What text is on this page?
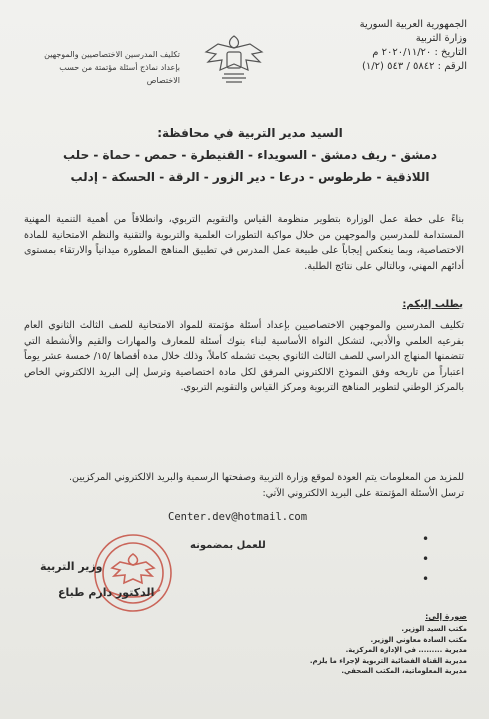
الجمهورية العربية السورية
وزارة التربية
التاريخ : ٢٠٢٠/١١/٢٠ م
الرقم : ٥٨٤٢ / ٥٤٣ (١/٢)
تكليف المدرسين الاختصاصيين والموجهين
بإعداد نماذج أسئلة مؤتمتة من حسب
الاختصاص
السيد مدير التربية في محافظة:
دمشق - ريف دمشق - السويداء - القنيطرة - حمص - حماة - حلب
اللاذقية - طرطوس - درعا - دير الزور - الرقة - الحسكة - إدلب
بناءً على خطة عمل الوزارة بتطوير منظومة القياس والتقويم التربوي، وانطلاقاً من أهمية التنمية المهنية المستدامة للمدرسين والموجهين من خلال مواكبة التطورات العلمية والتربوية والتقنية والنظم الامتحانية للمادة الاختصاصية، وبما ينعكس إيجاباً على طبيعة عمل المدرس في تطبيق المناهج المطورة ميدانياً والارتقاء بمستوى أدائهم المهني، وبالتالي على نتائج الطلبة.
يطلب إليكم:
تكليف المدرسين والموجهين الاختصاصيين بإعداد أسئلة مؤتمتة للمواد الامتحانية للصف الثالث الثانوي العام بفرعيه العلمي والأدبي، لتشكل النواة الأساسية لبناء بنوك أسئلة للمعارف والمهارات والقيم والأنشطة التي تتضمنها المنهاج الدراسي للصف الثالث الثانوي بحيث تشمله كاملاً، وذلك خلال مدة أقصاها /١٥/ خمسة عشر يوماً اعتباراً من تاريخه وفق النموذج الالكتروني المرفق لكل مادة اختصاصية وترسل إلى البريد الالكتروني الخاص بالمركز الوطني لتطوير المناهج التربوية ومركز القياس والتقويم التربوي.
للمزيد من المعلومات يتم العودة لموقع وزارة التربية وصفحتها الرسمية والبريد الالكتروني المركزيين.
ترسل الأسئلة المؤتمتة على البريد الالكتروني الآتي:
Center.dev@hotmail.com
للعمل بمضمونه	•
•
•
وزير التربية
الدكتور دارم طباع
صورة إلى:
مكتب السيد الوزير.
مكتب السادة معاوني الوزير.
مديرية ......... في الإدارة المركزية.
مديرية القناة الفضائية التربوية لإجراء ما يلزم.
مديرية المعلوماتية، المكتب الصحفي.
